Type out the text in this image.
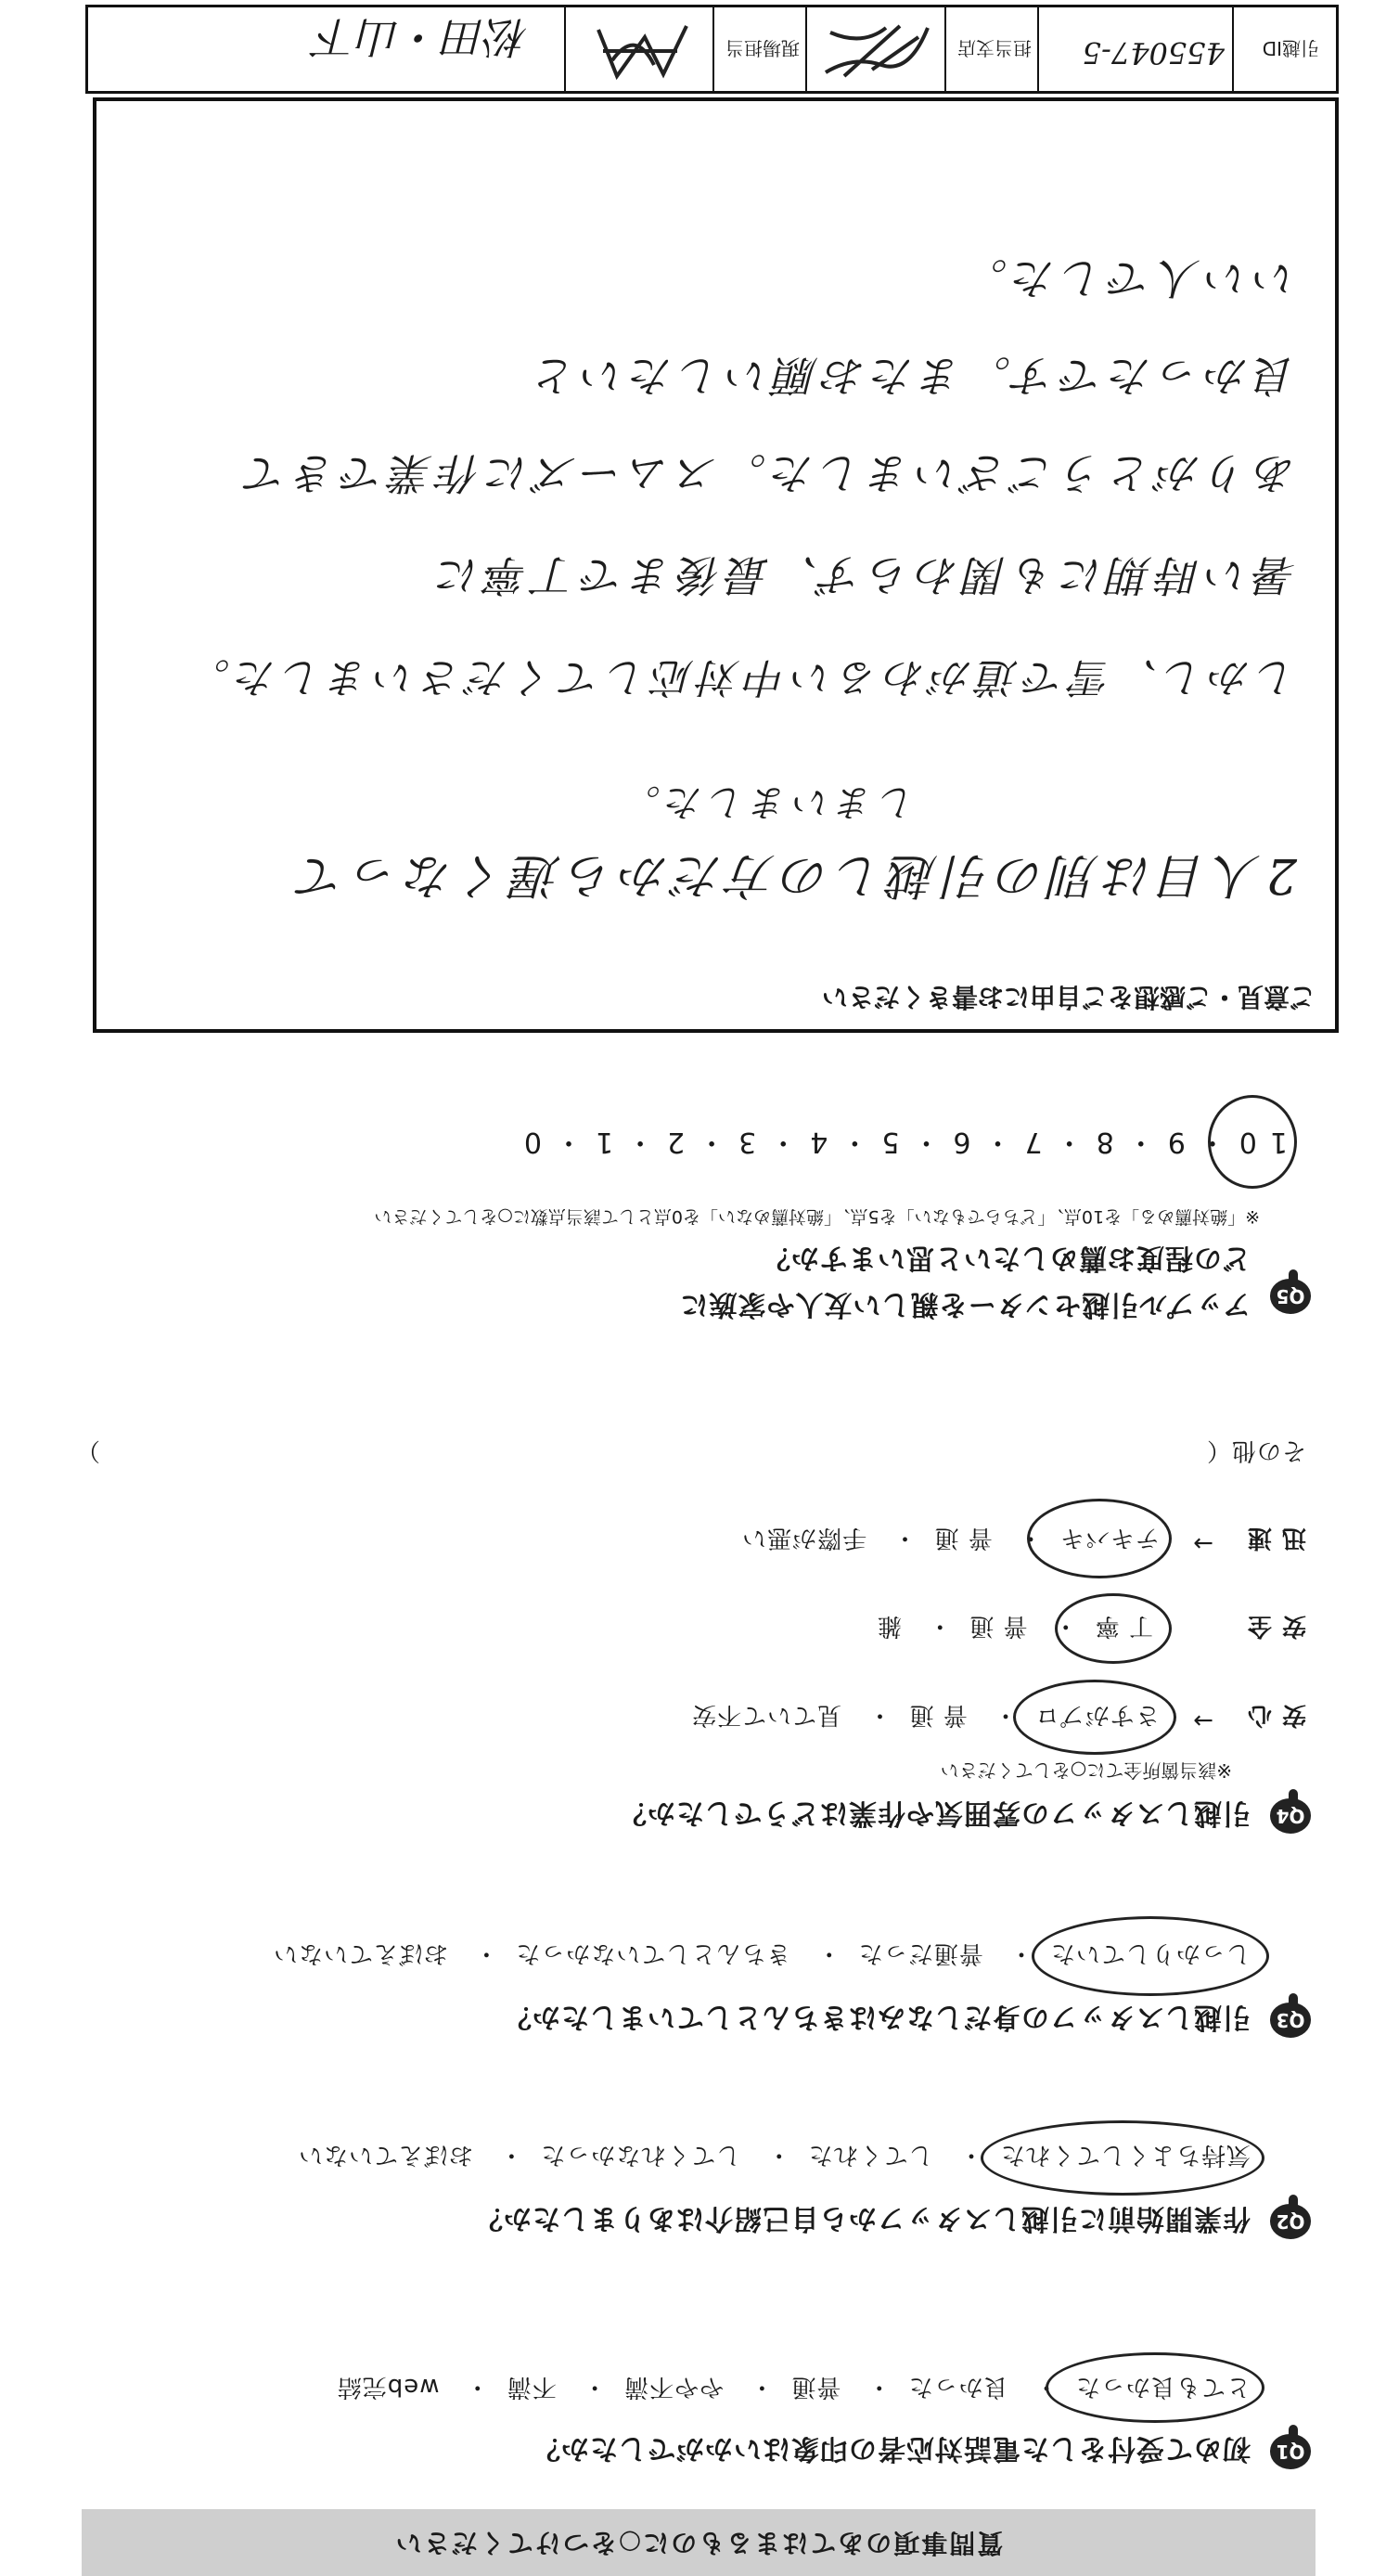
質問事項のあてはまるものに○をつけてください
Q1
初めて受付をした電話対応者の印象はいかがでしたか？
とても良かった・ 良かった・ 普通・ やや不満・ 不満・ web完結
Q2
作業開始前に引越しスタッフから自己紹介はありましたか？
気持ちよくしてくれた・ してくれた・ してくれなかった・ おぼえていない
Q3
引越しスタッフの身だしなみはきちんとしていましたか？
しっかりしていた・ 普通だった・ きちんとしていなかった・ おぼえていない
Q4
引越しスタッフの雰囲気や作業はどうでしたか？
※該当箇所全てに○をしてください
安 心
→
さすがプロ・ 普 通・ 見ていて不安
安 全
丁 寧・ 普 通・ 雑
迅 速
→
テキパキ・ 普 通・ 手際が悪い
その他（
）
Q5
アップル引越センターを親しい友人や家族に
どの程度お薦めしたいと思いますか？
※「絶対薦める」を10点、「どちらでもない」を5点、「絶対薦めない」を0点として該当点数に○をしてください
10・9・8・7・6・5・4・3・2・1・0
ご意見・ご感想をご自由にお書きください
2人目は別の引越しの方だから遅くなって
しまいました。
しかし、雪で道がわるい中対応してくださいました。
暑い時期にも関わらず、最後まで丁寧に
ありがとうございました。スムーズに作業できて
良かったです。またお願いしたいと
いい人でした。
引越ID
455047-5
担当支店
現場担当
松田・山下
